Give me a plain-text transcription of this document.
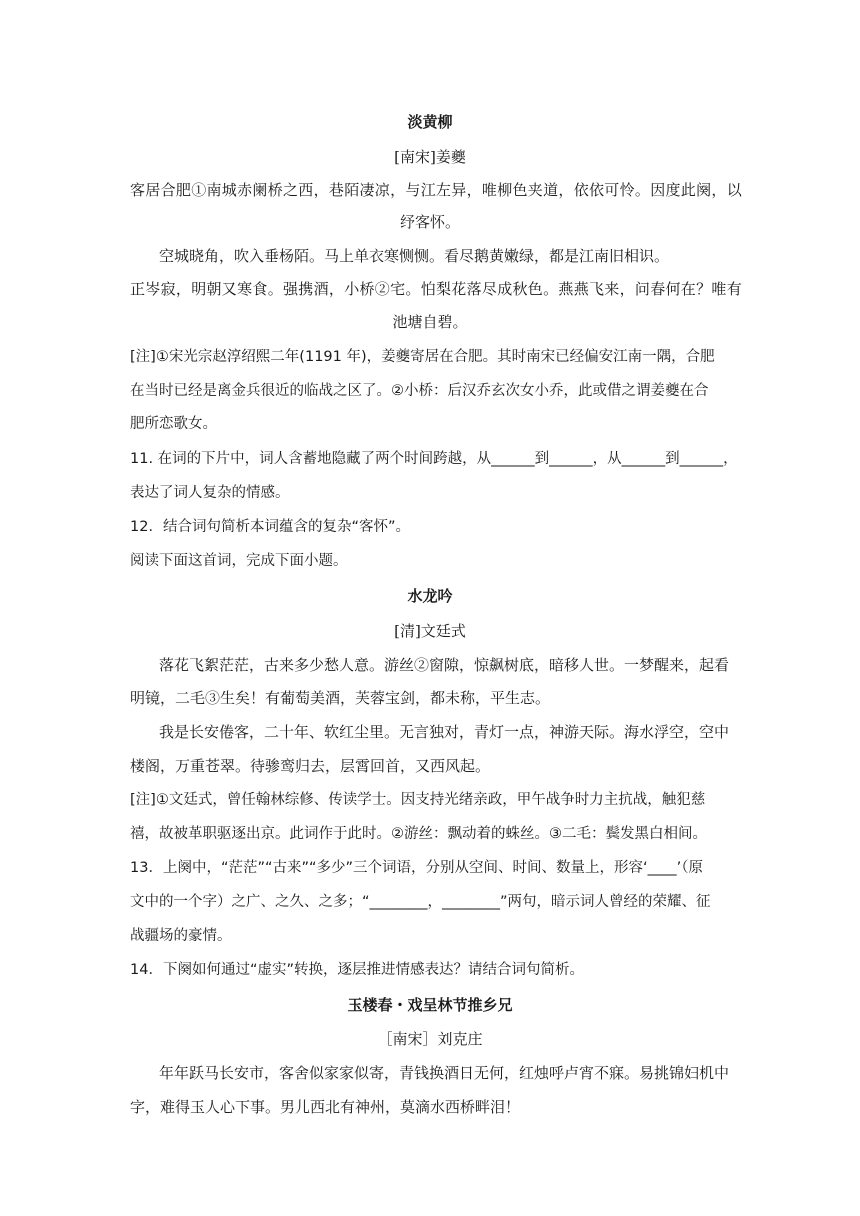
淡黄柳
[南宋]姜夔
客居合肥①南城赤阑桥之西，巷陌凄凉，与江左异，唯柳色夹道，依依可怜。因度此阕，以
纾客怀。
空城晓角，吹入垂杨陌。马上单衣寒恻恻。看尽鹅黄嫩绿，都是江南旧相识。
正岑寂，明朝又寒食。强携酒，小桥②宅。怕梨花落尽成秋色。燕燕飞来，问春何在？唯有
池塘自碧。
[注]①宋光宗赵淳绍熙二年(1191 年)，姜夔寄居在合肥。其时南宋已经偏安江南一隅，合肥
在当时已经是离金兵很近的临战之区了。②小桥：后汉乔玄次女小乔，此或借之谓姜夔在合
肥所恋歌女。
11. 在词的下片中，词人含蓄地隐藏了两个时间跨越，从______到______，从______到______，
表达了词人复杂的情感。
12．结合词句简析本词蕴含的复杂“客怀”。
阅读下面这首词，完成下面小题。
水龙吟
[清]文廷式
落花飞絮茫茫，古来多少愁人意。游丝②窗隙，惊飙树底，暗移人世。一梦醒来，起看
明镜，二毛③生矣！有葡萄美酒，芙蓉宝剑，都未称，平生志。
我是长安倦客，二十年、软红尘里。无言独对，青灯一点，神游天际。海水浮空，空中
楼阁，万重苍翠。待骖鸾归去，层霄回首，又西风起。
[注]①文廷式，曾任翰林综修、传读学士。因支持光绪亲政，甲午战争时力主抗战，触犯慈
禧，故被革职驱逐出京。此词作于此时。②游丝：飘动着的蛛丝。③二毛：鬓发黑白相间。
13．上阕中，“茫茫”“古来”“多少”三个词语，分别从空间、时间、数量上，形容‘____’（原
文中的一个字）之广、之久、之多；“________，________”两句，暗示词人曾经的荣耀、征
战疆场的豪情。
14．下阕如何通过“虚实”转换，逐层推进情感表达？请结合词句简析。
玉楼春・戏呈林节推乡兄
［南宋］刘克庄
年年跃马长安市，客舍似家家似寄，青钱换酒日无何，红烛呼卢宵不寐。易挑锦妇机中
字，难得玉人心下事。男儿西北有神州，莫滴水西桥畔泪！
